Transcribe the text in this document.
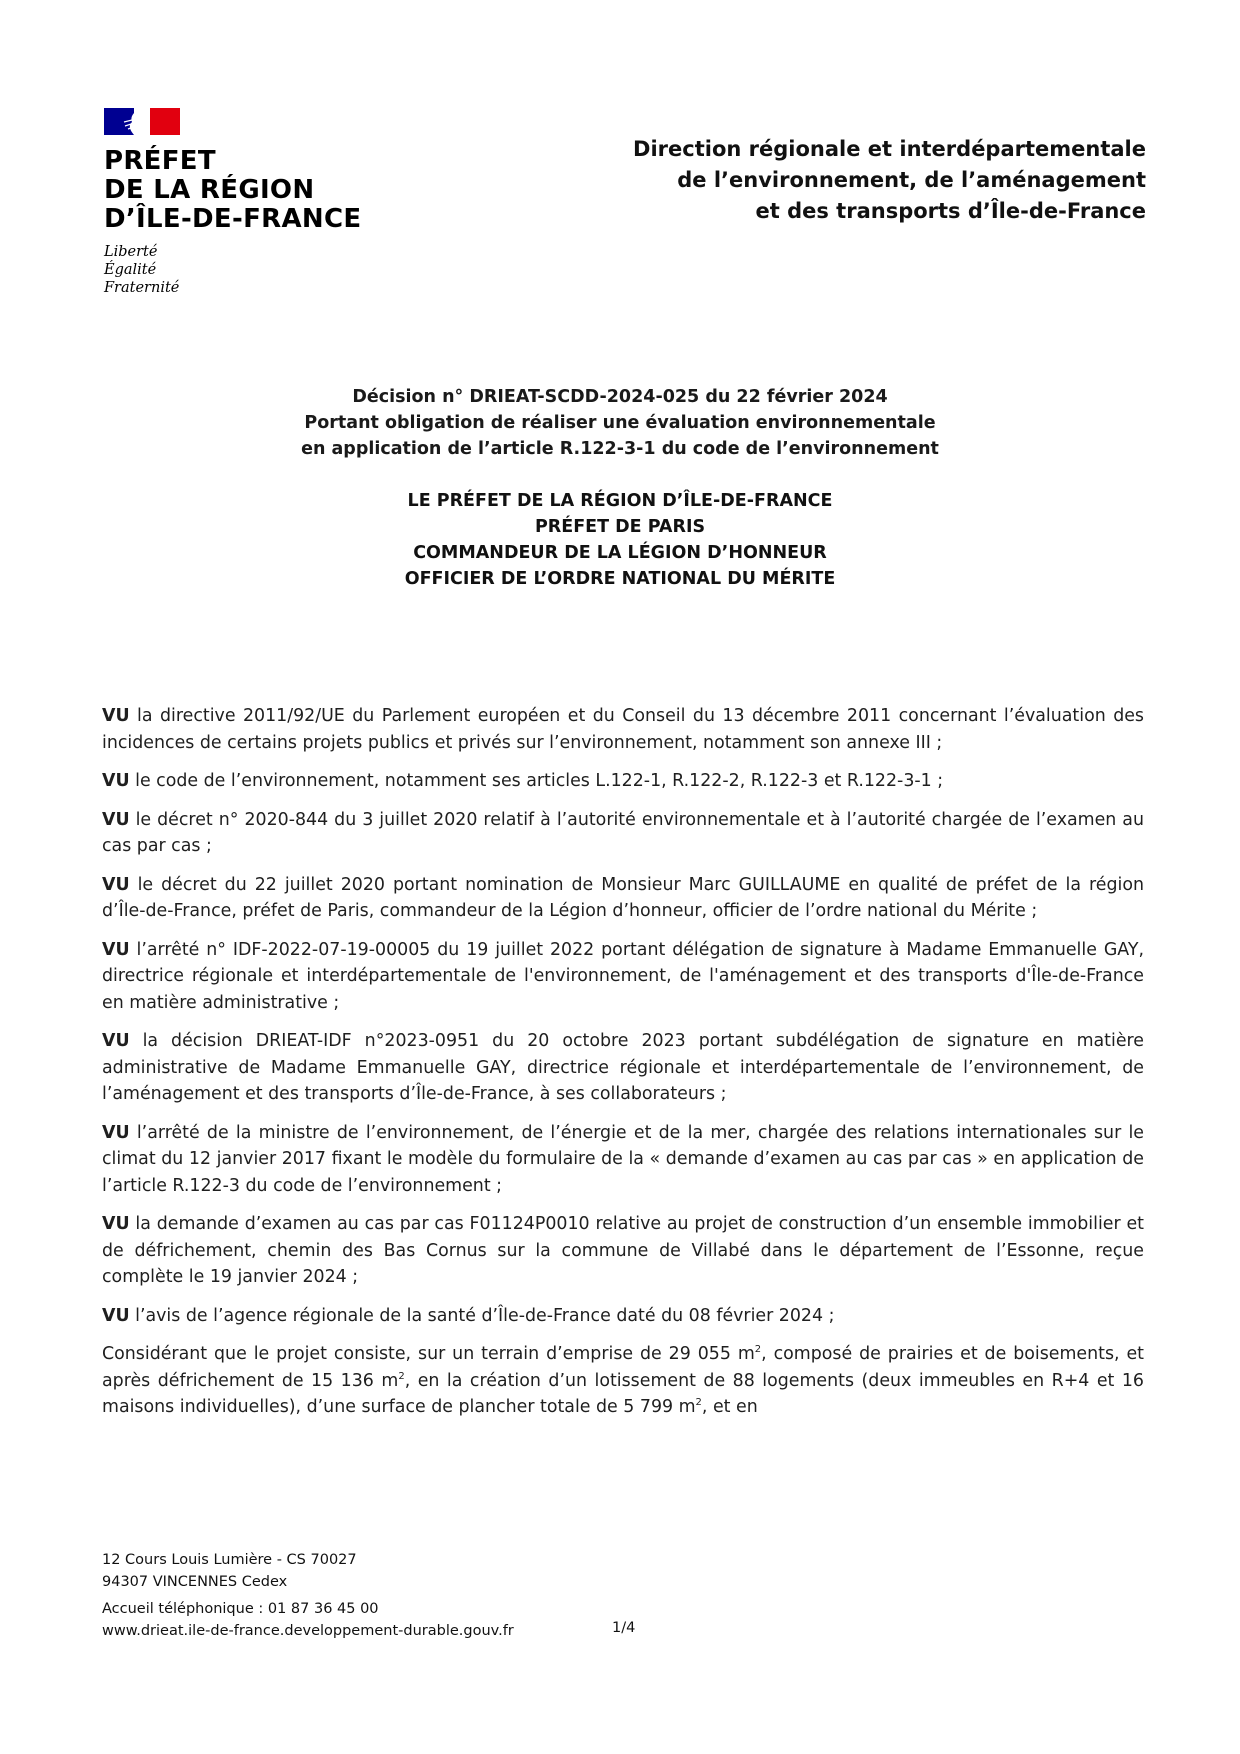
PRÉFET
DE LA RÉGION
D’ÎLE-DE-FRANCE
Liberté
Égalité
Fraternité
Direction régionale et interdépartementale
de l’environnement, de l’aménagement
et des transports d’Île-de-France
Décision n° DRIEAT-SCDD-2024-025 du 22 février 2024
Portant obligation de réaliser une évaluation environnementale
en application de l’article R.122-3-1 du code de l’environnement
LE PRÉFET DE LA RÉGION D’ÎLE-DE-FRANCE
PRÉFET DE PARIS
COMMANDEUR DE LA LÉGION D’HONNEUR
OFFICIER DE L’ORDRE NATIONAL DU MÉRITE

VU la directive 2011/92/UE du Parlement européen et du Conseil du 13 décembre 2011 concernant l’évaluation des incidences de certains projets publics et privés sur l’environnement, notamment son annexe III ;

VU le code de l’environnement, notamment ses articles L.122-1, R.122-2, R.122-3 et R.122-3-1 ;

VU le décret n° 2020-844 du 3 juillet 2020 relatif à l’autorité environnementale et à l’autorité chargée de l’examen au cas par cas ;

VU le décret du 22 juillet 2020 portant nomination de Monsieur Marc GUILLAUME en qualité de préfet de la région d’Île-de-France, préfet de Paris, commandeur de la Légion d’honneur, officier de l’ordre national du Mérite ;

VU l’arrêté n° IDF-2022-07-19-00005 du 19 juillet 2022 portant délégation de signature à Madame Emmanuelle GAY, directrice régionale et interdépartementale de l'environnement, de l'aménagement et des transports d'Île-de-France en matière administrative ;

VU la décision DRIEAT-IDF n°2023-0951 du 20 octobre 2023 portant subdélégation de signature en matière administrative de Madame Emmanuelle GAY, directrice régionale et interdépartementale de l’environnement, de l’aménagement et des transports d’Île-de-France, à ses collaborateurs ;

VU l’arrêté de la ministre de l’environnement, de l’énergie et de la mer, chargée des relations internationales sur le climat du 12 janvier 2017 fixant le modèle du formulaire de la « demande d’examen au cas par cas » en application de l’article R.122-3 du code de l’environnement ;

VU la demande d’examen au cas par cas F01124P0010 relative au projet de construction d’un ensemble immobilier et de défrichement, chemin des Bas Cornus sur la commune de Villabé dans le département de l’Essonne, reçue complète le 19 janvier 2024 ;

VU l’avis de l’agence régionale de la santé d’Île-de-France daté du 08 février 2024 ;

Considérant que le projet consiste, sur un terrain d’emprise de 29 055 $m^2$, composé de prairies et de boisements, et après défrichement de 15 136 $m^2$, en la création d’un lotissement de 88 logements (deux immeubles en R+4 et 16 maisons individuelles), d’une surface de plancher totale de 5 799 $m^2$, et en

12 Cours Louis Lumière - CS 70027
94307 VINCENNES Cedex
Accueil téléphonique : 01 87 36 45 00
www.drieat.ile-de-france.developpement-durable.gouv.fr	1/4
